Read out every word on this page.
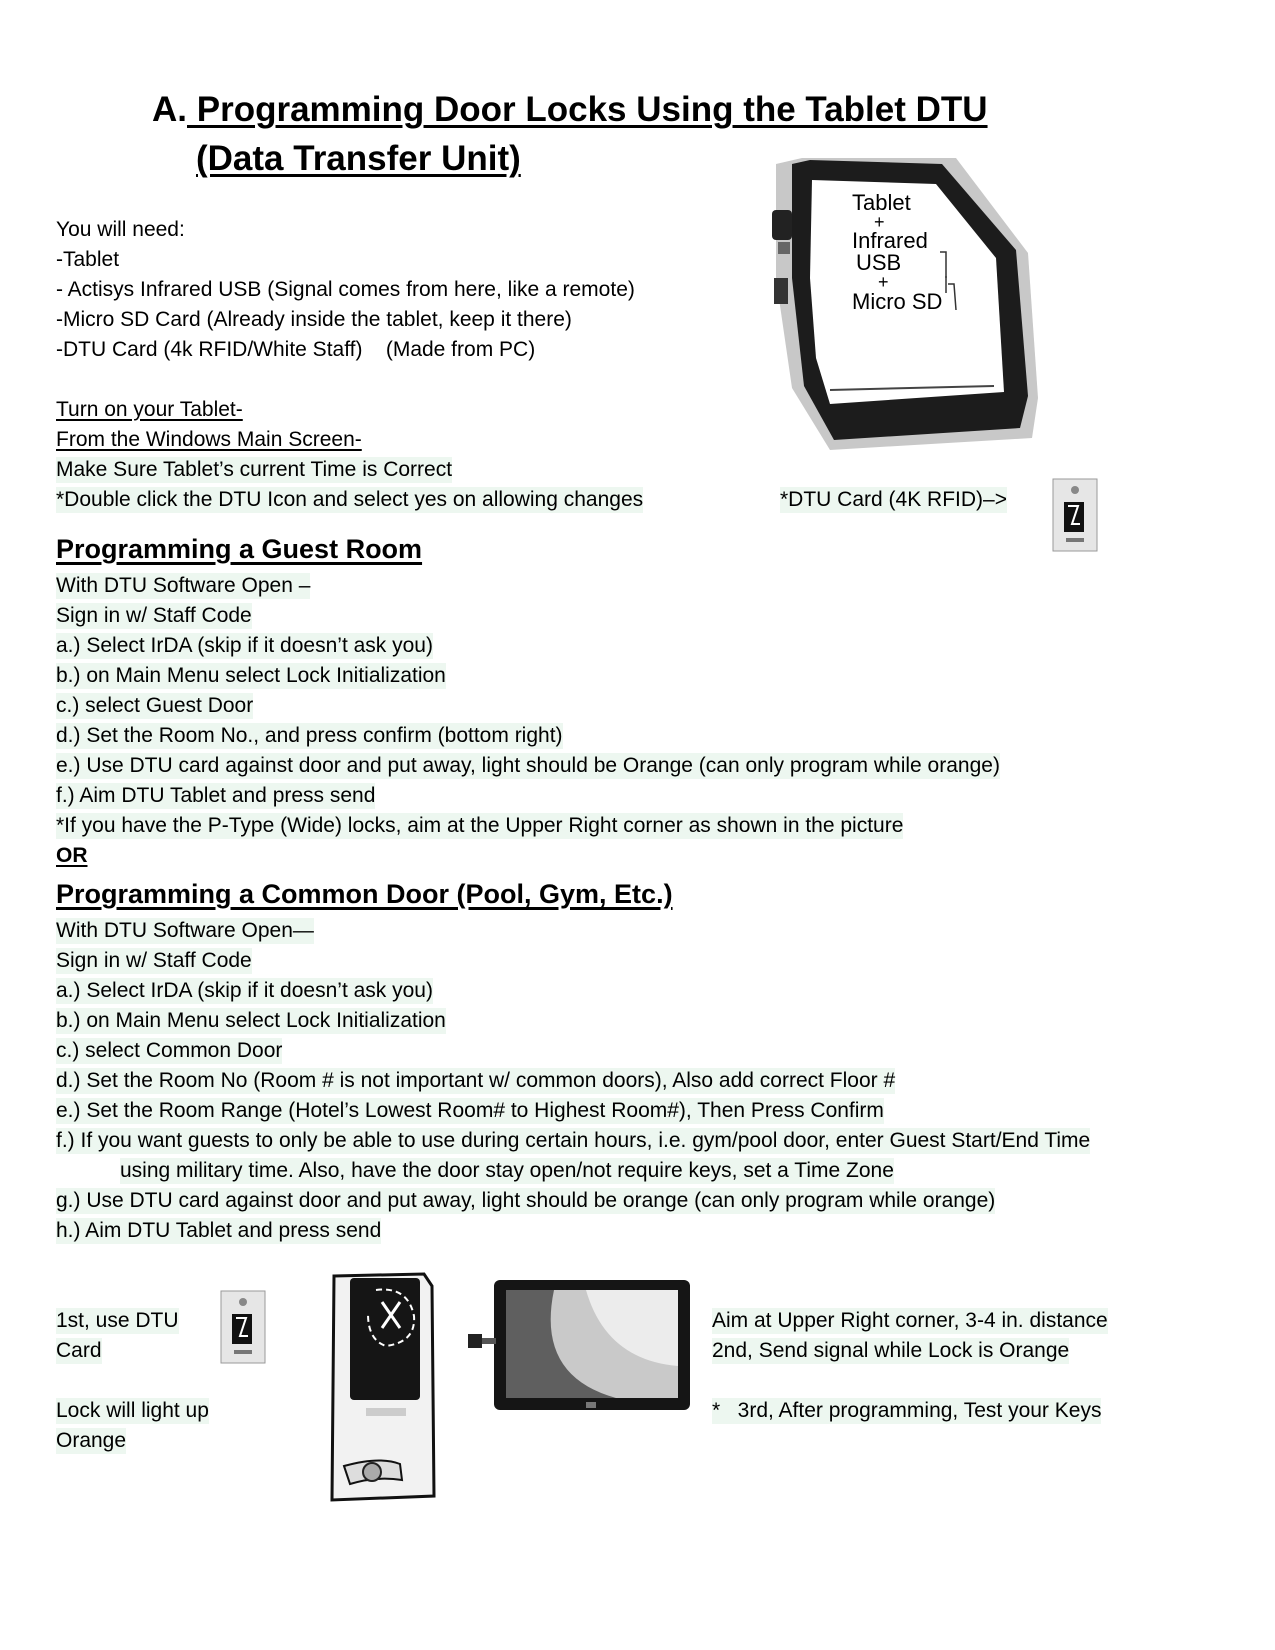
A. Programming Door Locks Using the Tablet DTU
(Data Transfer Unit)
You will need:
-Tablet
- Actisys Infrared USB (Signal comes from here, like a remote)
-Micro SD Card (Already inside the tablet, keep it there)
-DTU Card (4k RFID/White Staff)    (Made from PC)
Tablet
+
Infrared
USB
+
Micro SD
Turn on your Tablet-
From the Windows Main Screen-
Make Sure Tablet’s current Time is Correct
*Double click the DTU Icon and select yes on allowing changes	*DTU Card (4K RFID)–>
Programming a Guest Room
With DTU Software Open –
Sign in w/ Staff Code
a.) Select IrDA (skip if it doesn’t ask you)
b.) on Main Menu select Lock Initialization
c.) select Guest Door
d.) Set the Room No., and press confirm (bottom right)
e.) Use DTU card against door and put away, light should be Orange (can only program while orange)
f.) Aim DTU Tablet and press send
*If you have the P-Type (Wide) locks, aim at the Upper Right corner as shown in the picture
OR
Programming a Common Door (Pool, Gym, Etc.)
With DTU Software Open—
Sign in w/ Staff Code
a.) Select IrDA (skip if it doesn’t ask you)
b.) on Main Menu select Lock Initialization
c.) select Common Door
d.) Set the Room No (Room # is not important w/ common doors), Also add correct Floor #
e.) Set the Room Range (Hotel’s Lowest Room# to Highest Room#), Then Press Confirm
f.) If you want guests to only be able to use during certain hours, i.e. gym/pool door, enter Guest Start/End Time
using military time. Also, have the door stay open/not require keys, set a Time Zone
g.) Use DTU card against door and put away, light should be orange (can only program while orange)
h.) Aim DTU Tablet and press send
1st, use DTU
Card
Lock will light up
Orange
Aim at Upper Right corner, 3-4 in. distance
2nd, Send signal while Lock is Orange
*   3rd, After programming, Test your Keys
